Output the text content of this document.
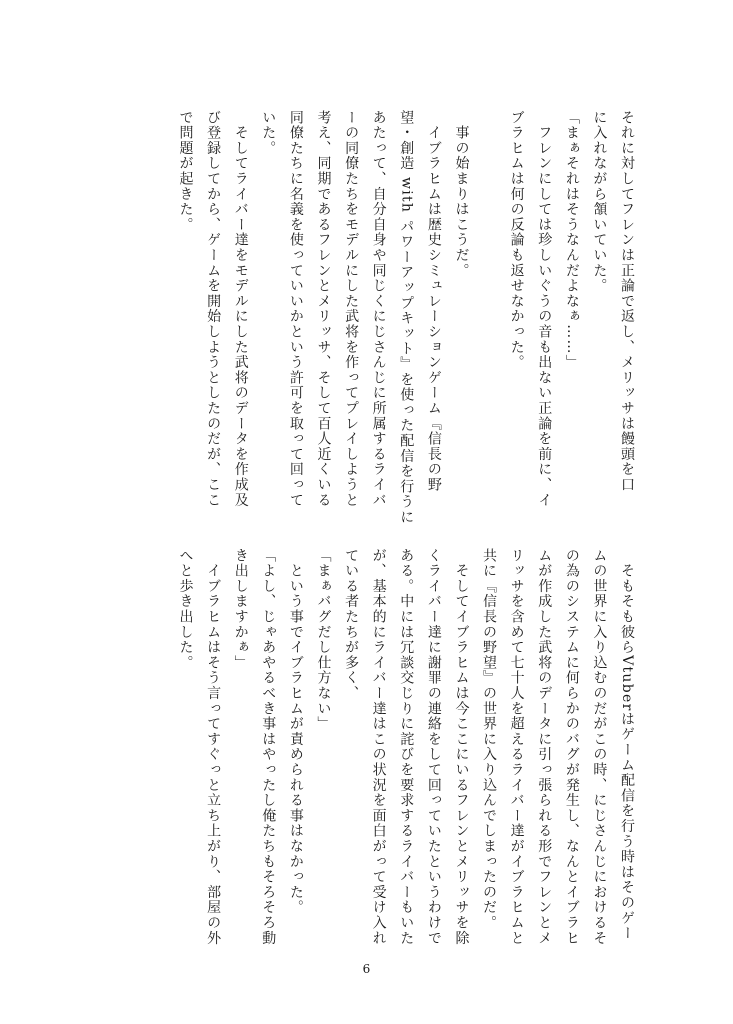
それに対してフレンは正論で返し、メリッサは饅頭を口

に入れながら頷いていた。

「まぁそれはそうなんだよなぁ……」

　フレンにしては珍しいぐうの音も出ない正論を前に、イ

ブラヒムは何の反論も返せなかった。

　事の始まりはこうだ。

　イブラヒムは歴史シミュレーションゲーム『信長の野

望・創造 with パワーアップキット』を使った配信を行うに

あたって、自分自身や同じくにじさんじに所属するライバ

ーの同僚たちをモデルにした武将を作ってプレイしようと

考え、同期であるフレンとメリッサ、そして百人近くいる

同僚たちに名義を使っていいかという許可を取って回って

いた。

　そしてライバー達をモデルにした武将のデータを作成及

び登録してから、ゲームを開始しようとしたのだが、ここ

で問題が起きた。

　そもそも彼らVtuberはゲーム配信を行う時はそのゲー

ムの世界に入り込むのだがこの時、にじさんじにおけるそ

の為のシステムに何らかのバグが発生し、なんとイブラヒ

ムが作成した武将のデータに引っ張られる形でフレンとメ

リッサを含めて七十人を超えるライバー達がイブラヒムと

共に『信長の野望』の世界に入り込んでしまったのだ。

　そしてイブラヒムは今ここにいるフレンとメリッサを除

くライバー達に謝罪の連絡をして回っていたというわけで

ある。中には冗談交じりに詫びを要求するライバーもいた

が、基本的にライバー達はこの状況を面白がって受け入れ

ている者たちが多く、

「まぁバグだし仕方ない」

　という事でイブラヒムが責められる事はなかった。

「よし、じゃあやるべき事はやったし俺たちもそろそろ動

き出しますかぁ」

　イブラヒムはそう言ってすぐっと立ち上がり、部屋の外

へと歩き出した。

6
